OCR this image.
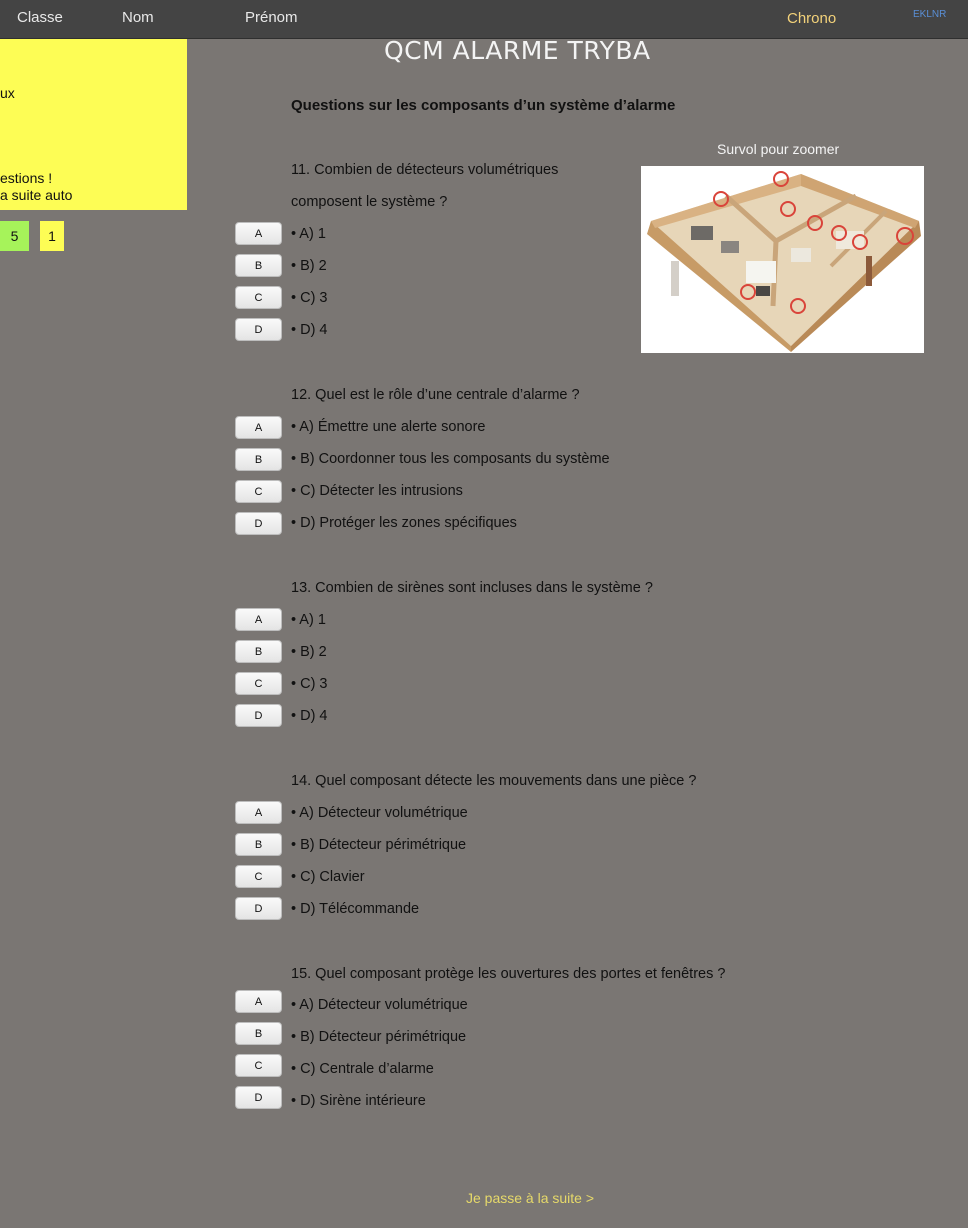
Classe	Nom	Prénom	Chrono	EKLNR
ux
estions !
a suite auto
5	1
QCM ALARME TRYBA
Questions sur les composants d’un système d’alarme
Survol pour zoomer
11. Combien de détecteurs volumétriques
composent le système ?
A	• A) 1
B	• B) 2
C	• C) 3
D	• D) 4
12. Quel est le rôle d’une centrale d’alarme ?
A	• A) Émettre une alerte sonore
B	• B) Coordonner tous les composants du système
C	• C) Détecter les intrusions
D	• D) Protéger les zones spécifiques
13. Combien de sirènes sont incluses dans le système ?
A	• A) 1
B	• B) 2
C	• C) 3
D	• D) 4
14. Quel composant détecte les mouvements dans une pièce ?
A	• A) Détecteur volumétrique
B	• B) Détecteur périmétrique
C	• C) Clavier
D	• D) Télécommande
15. Quel composant protège les ouvertures des portes et fenêtres ?
A	• A) Détecteur volumétrique
B	• B) Détecteur périmétrique
C	• C) Centrale d’alarme
D	• D) Sirène intérieure
Je passe à la suite >
